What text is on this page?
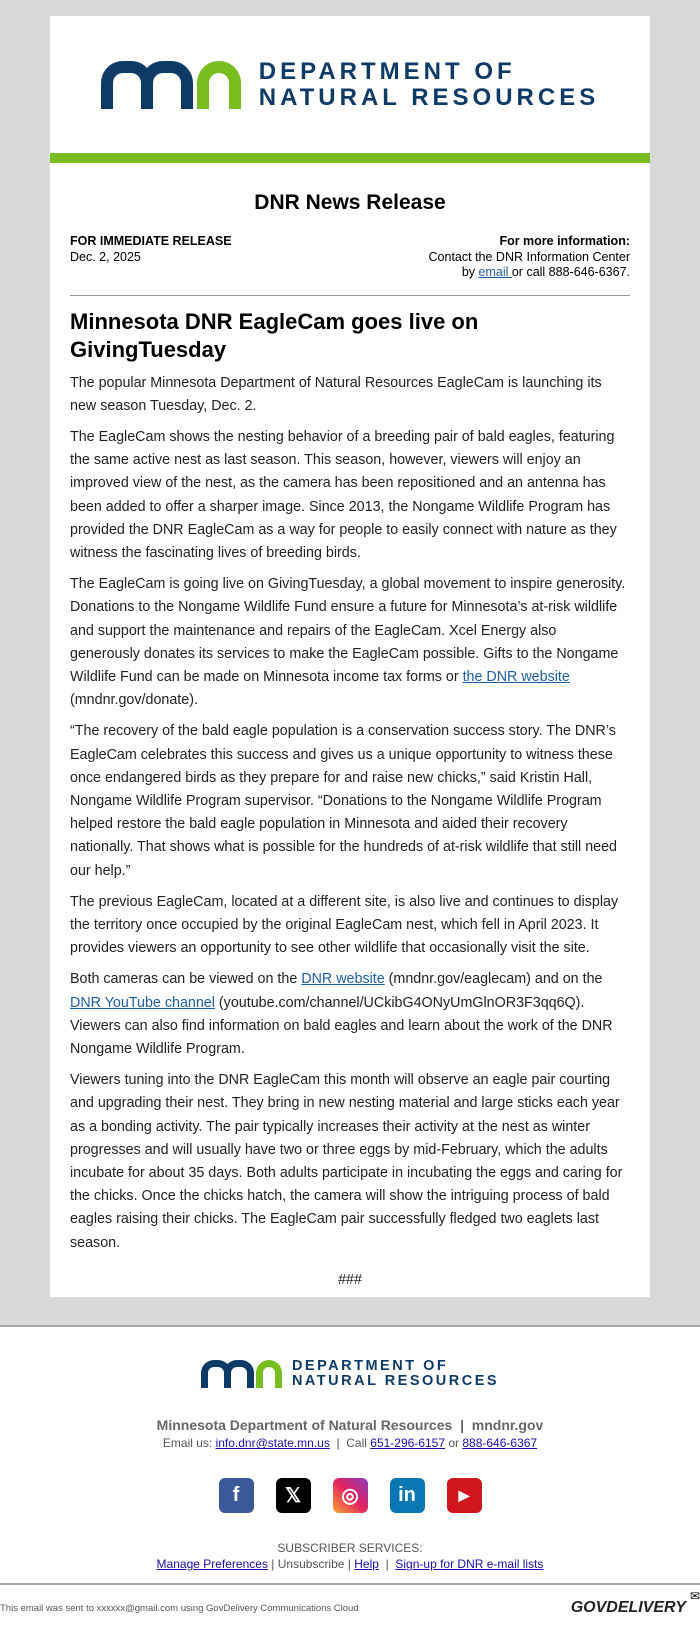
DEPARTMENT OF
NATURAL RESOURCES
DNR News Release
FOR IMMEDIATE RELEASE
Dec. 2, 2025
For more information:
Contact the DNR Information Center
by email or call 888-646-6367.
Minnesota DNR EagleCam goes live on GivingTuesday

The popular Minnesota Department of Natural Resources EagleCam is launching its new season Tuesday, Dec. 2.

The EagleCam shows the nesting behavior of a breeding pair of bald eagles, featuring the same active nest as last season. This season, however, viewers will enjoy an improved view of the nest, as the camera has been repositioned and an antenna has been added to offer a sharper image. Since 2013, the Nongame Wildlife Program has provided the DNR EagleCam as a way for people to easily connect with nature as they witness the fascinating lives of breeding birds.

The EagleCam is going live on GivingTuesday, a global movement to inspire generosity. Donations to the Nongame Wildlife Fund ensure a future for Minnesota’s at-risk wildlife and support the maintenance and repairs of the EagleCam. Xcel Energy also generously donates its services to make the EagleCam possible. Gifts to the Nongame Wildlife Fund can be made on Minnesota income tax forms or the DNR website (mndnr.gov/donate).

“The recovery of the bald eagle population is a conservation success story. The DNR’s EagleCam celebrates this success and gives us a unique opportunity to witness these once endangered birds as they prepare for and raise new chicks,” said Kristin Hall, Nongame Wildlife Program supervisor. “Donations to the Nongame Wildlife Program helped restore the bald eagle population in Minnesota and aided their recovery nationally. That shows what is possible for the hundreds of at-risk wildlife that still need our help.”

The previous EagleCam, located at a different site, is also live and continues to display the territory once occupied by the original EagleCam nest, which fell in April 2023. It provides viewers an opportunity to see other wildlife that occasionally visit the site.

Both cameras can be viewed on the DNR website (mndnr.gov/eaglecam) and on the DNR YouTube channel (youtube.com/channel/UCkibG4ONyUmGlnOR3F3qq6Q). Viewers can also find information on bald eagles and learn about the work of the DNR Nongame Wildlife Program.

Viewers tuning into the DNR EagleCam this month will observe an eagle pair courting and upgrading their nest. They bring in new nesting material and large sticks each year as a bonding activity. The pair typically increases their activity at the nest as winter progresses and will usually have two or three eggs by mid-February, which the adults incubate for about 35 days. Both adults participate in incubating the eggs and caring for the chicks. Once the chicks hatch, the camera will show the intriguing process of bald eagles raising their chicks. The EagleCam pair successfully fledged two eaglets last season.

###

DEPARTMENT OF
NATURAL RESOURCES
Minnesota Department of Natural Resources  |  mndnr.gov
Email us: info.dnr@state.mn.us  |  Call 651-296-6157 or 888-646-6367
f	𝕏	◎	in	▶
SUBSCRIBER SERVICES:
Manage Preferences | Unsubscribe | Help  |  Sign-up for DNR e-mail lists
This email was sent to xxxxxx@gmail.com using GovDelivery Communications Cloud	GOVDELIVERY
✉
